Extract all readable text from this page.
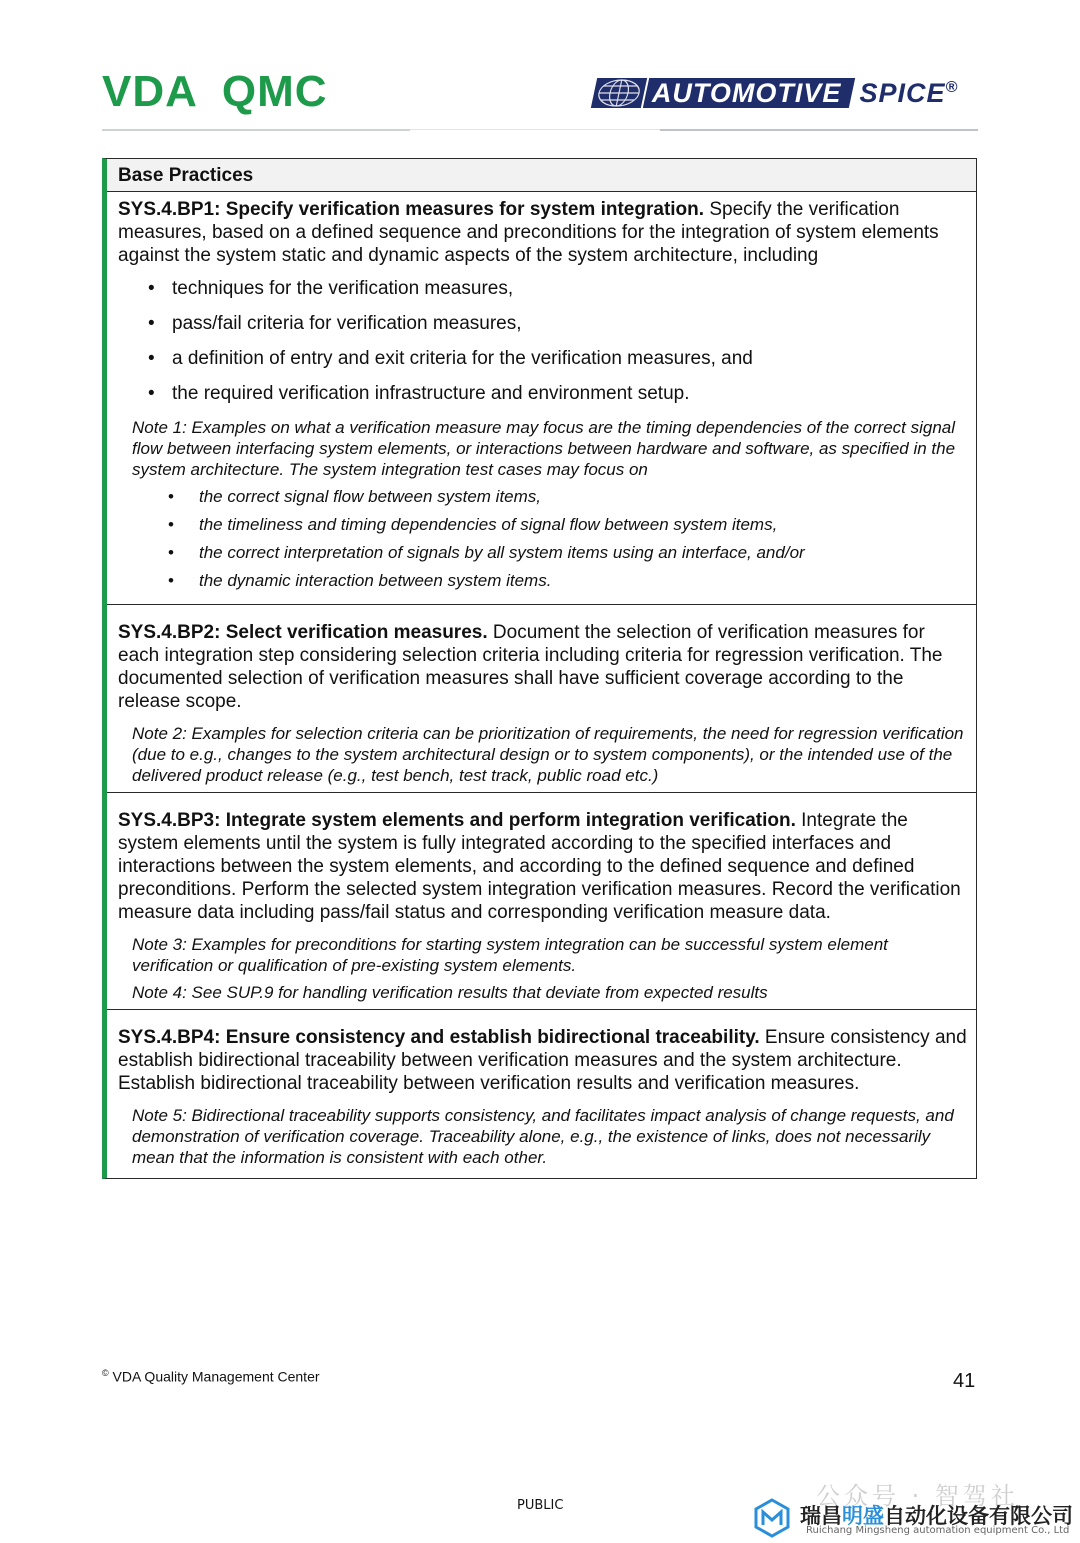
VDA QMC	AUTOMOTIVE SPICE®
Base Practices

SYS.4.BP1: Specify verification measures for system integration. Specify the verification measures, based on a defined sequence and preconditions for the integration of system elements against the system static and dynamic aspects of the system architecture, including

• techniques for the verification measures,
• pass/fail criteria for verification measures,
• a definition of entry and exit criteria for the verification measures, and
• the required verification infrastructure and environment setup.

Note 1: Examples on what a verification measure may focus are the timing dependencies of the correct signal flow between interfacing system elements, or interactions between hardware and software, as specified in the system architecture. The system integration test cases may focus on

• the correct signal flow between system items,
• the timeliness and timing dependencies of signal flow between system items,
• the correct interpretation of signals by all system items using an interface, and/or
• the dynamic interaction between system items.

SYS.4.BP2: Select verification measures. Document the selection of verification measures for each integration step considering selection criteria including criteria for regression verification. The documented selection of verification measures shall have sufficient coverage according to the release scope.

Note 2: Examples for selection criteria can be prioritization of requirements, the need for regression verification (due to e.g., changes to the system architectural design or to system components), or the intended use of the delivered product release (e.g., test bench, test track, public road etc.)

SYS.4.BP3: Integrate system elements and perform integration verification. Integrate the system elements until the system is fully integrated according to the specified interfaces and interactions between the system elements, and according to the defined sequence and defined preconditions. Perform the selected system integration verification measures. Record the verification measure data including pass/fail status and corresponding verification measure data.

Note 3: Examples for preconditions for starting system integration can be successful system element verification or qualification of pre-existing system elements.

Note 4: See SUP.9 for handling verification results that deviate from expected results

SYS.4.BP4: Ensure consistency and establish bidirectional traceability. Ensure consistency and establish bidirectional traceability between verification measures and the system architecture. Establish bidirectional traceability between verification results and verification measures.

Note 5: Bidirectional traceability supports consistency, and facilitates impact analysis of change requests, and demonstration of verification coverage. Traceability alone, e.g., the existence of links, does not necessarily mean that the information is consistent with each other.

© VDA Quality Management Center	41
PUBLIC	公众号 · 智驾社
瑞昌明盛自动化设备有限公司
Ruichang Mingsheng automation equipment Co., Ltd
